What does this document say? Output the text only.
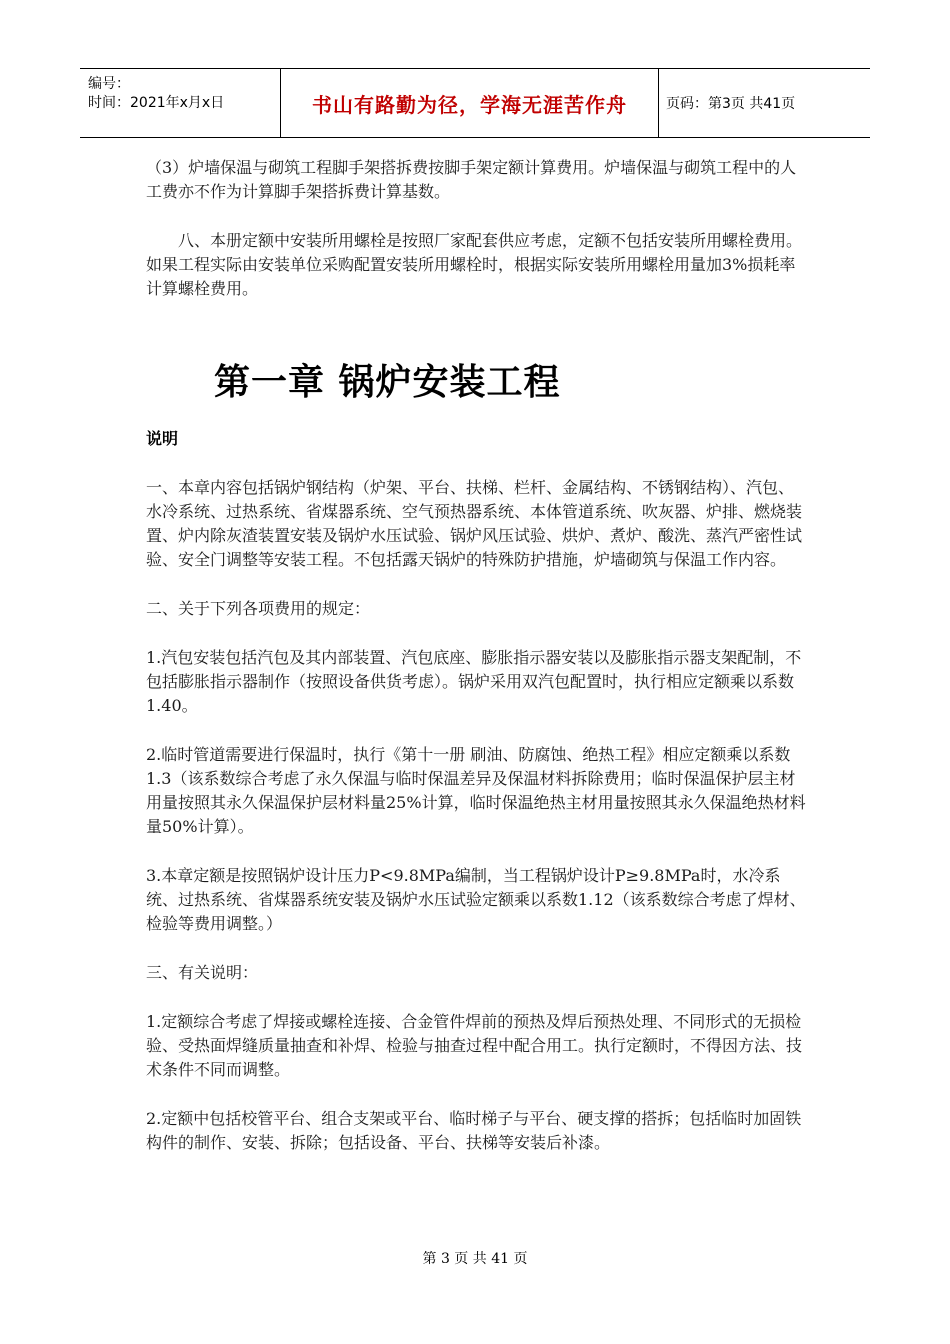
编号：
时间：2021年x月x日	书山有路勤为径，学海无涯苦作舟	页码：第3页 共41页

（3）炉墙保温与砌筑工程脚手架搭拆费按脚手架定额计算费用。炉墙保温与砌筑工程中的人工费亦不作为计算脚手架搭拆费计算基数。

八、本册定额中安装所用螺栓是按照厂家配套供应考虑，定额不包括安装所用螺栓费用。如果工程实际由安装单位采购配置安装所用螺栓时，根据实际安装所用螺栓用量加3%损耗率计算螺栓费用。

第一章 锅炉安装工程

说明

一、本章内容包括锅炉钢结构（炉架、平台、扶梯、栏杆、金属结构、不锈钢结构）、汽包、水冷系统、过热系统、省煤器系统、空气预热器系统、本体管道系统、吹灰器、炉排、燃烧装置、炉内除灰渣装置安装及锅炉水压试验、锅炉风压试验、烘炉、煮炉、酸洗、蒸汽严密性试验、安全门调整等安装工程。不包括露天锅炉的特殊防护措施，炉墙砌筑与保温工作内容。

二、关于下列各项费用的规定：

1.汽包安装包括汽包及其内部装置、汽包底座、膨胀指示器安装以及膨胀指示器支架配制，不包括膨胀指示器制作（按照设备供货考虑）。锅炉采用双汽包配置时，执行相应定额乘以系数1.40。

2.临时管道需要进行保温时，执行《第十一册 刷油、防腐蚀、绝热工程》相应定额乘以系数1.3（该系数综合考虑了永久保温与临时保温差异及保温材料拆除费用；临时保温保护层主材用量按照其永久保温保护层材料量25%计算，临时保温绝热主材用量按照其永久保温绝热材料量50%计算）。

3.本章定额是按照锅炉设计压力P<9.8MPa编制，当工程锅炉设计P≥9.8MPa时，水冷系统、过热系统、省煤器系统安装及锅炉水压试验定额乘以系数1.12（该系数综合考虑了焊材、检验等费用调整。）

三、有关说明：

1.定额综合考虑了焊接或螺栓连接、合金管件焊前的预热及焊后预热处理、不同形式的无损检验、受热面焊缝质量抽查和补焊、检验与抽查过程中配合用工。执行定额时，不得因方法、技术条件不同而调整。

2.定额中包括校管平台、组合支架或平台、临时梯子与平台、硬支撑的搭拆；包括临时加固铁构件的制作、安装、拆除；包括设备、平台、扶梯等安装后补漆。

第 3 页 共 41 页
